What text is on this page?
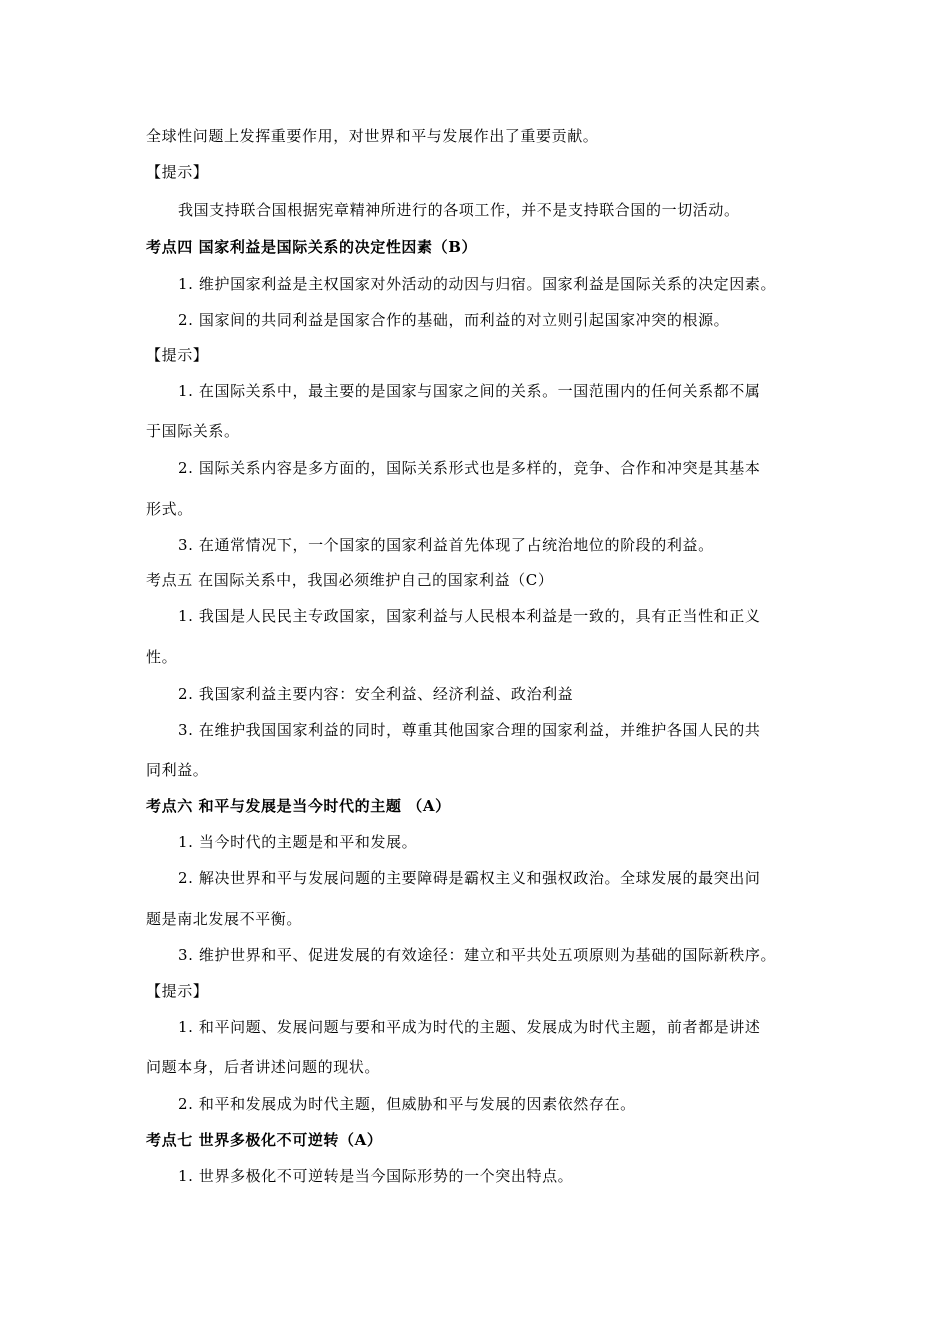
全球性问题上发挥重要作用，对世界和平与发展作出了重要贡献。
【提示】
我国支持联合国根据宪章精神所进行的各项工作，并不是支持联合国的一切活动。
考点四 国家利益是国际关系的决定性因素（B）
1. 维护国家利益是主权国家对外活动的动因与归宿。国家利益是国际关系的决定因素。
2. 国家间的共同利益是国家合作的基础，而利益的对立则引起国家冲突的根源。
【提示】
1. 在国际关系中，最主要的是国家与国家之间的关系。一国范围内的任何关系都不属
于国际关系。
2. 国际关系内容是多方面的，国际关系形式也是多样的，竞争、合作和冲突是其基本
形式。
3. 在通常情况下，一个国家的国家利益首先体现了占统治地位的阶段的利益。
考点五 在国际关系中，我国必须维护自己的国家利益（C）
1. 我国是人民民主专政国家，国家利益与人民根本利益是一致的，具有正当性和正义
性。
2. 我国家利益主要内容：安全利益、经济利益、政治利益
3. 在维护我国国家利益的同时，尊重其他国家合理的国家利益，并维护各国人民的共
同利益。
考点六 和平与发展是当今时代的主题 （A）
1. 当今时代的主题是和平和发展。
2. 解决世界和平与发展问题的主要障碍是霸权主义和强权政治。全球发展的最突出问
题是南北发展不平衡。
3. 维护世界和平、促进发展的有效途径：建立和平共处五项原则为基础的国际新秩序。
【提示】
1. 和平问题、发展问题与要和平成为时代的主题、发展成为时代主题，前者都是讲述
问题本身，后者讲述问题的现状。
2. 和平和发展成为时代主题，但威胁和平与发展的因素依然存在。
考点七 世界多极化不可逆转（A）
1. 世界多极化不可逆转是当今国际形势的一个突出特点。
